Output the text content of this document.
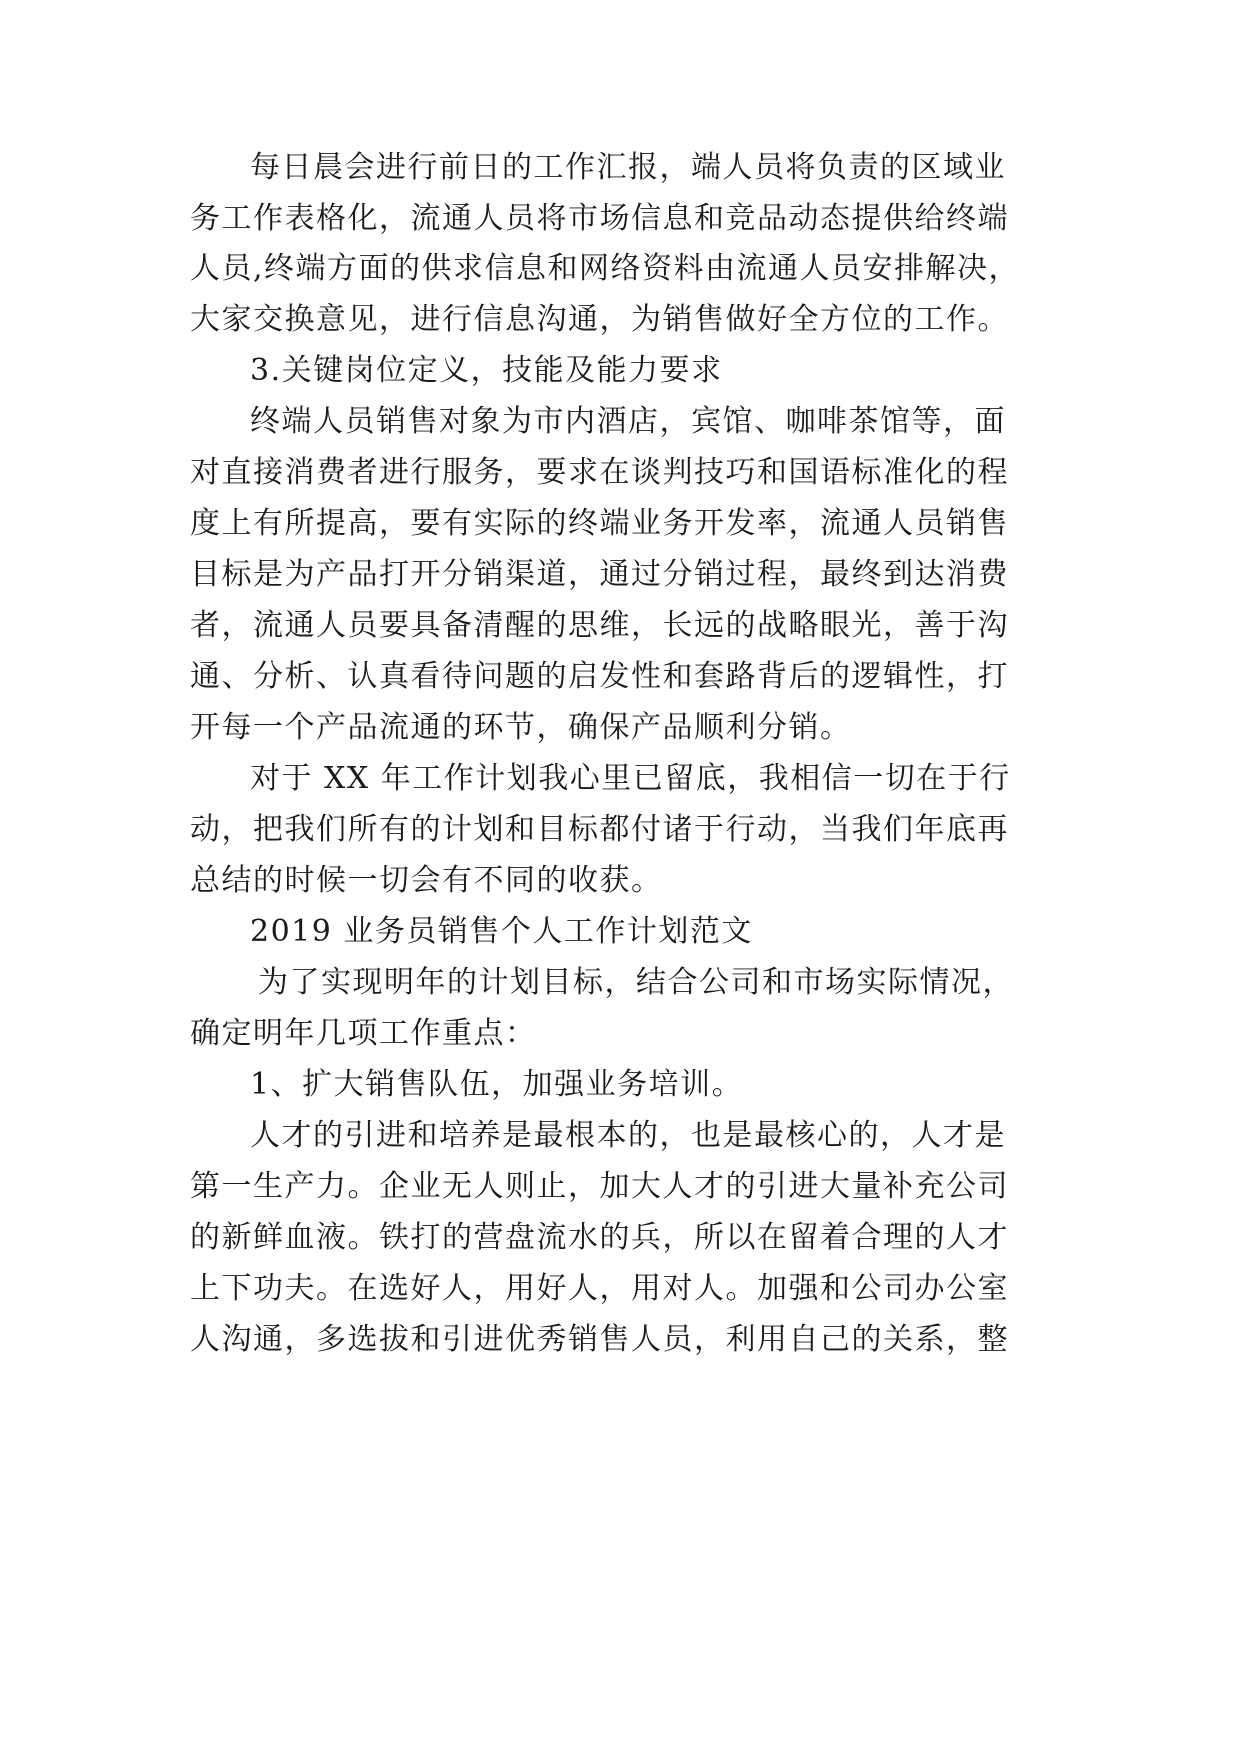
每日晨会进行前日的工作汇报，端人员将负责的区域业
务工作表格化，流通人员将市场信息和竞品动态提供给终端
人员,终端方面的供求信息和网络资料由流通人员安排解决，
大家交换意见，进行信息沟通，为销售做好全方位的工作。
3.关键岗位定义，技能及能力要求
终端人员销售对象为市内酒店，宾馆、咖啡茶馆等，面
对直接消费者进行服务，要求在谈判技巧和国语标准化的程
度上有所提高，要有实际的终端业务开发率，流通人员销售
目标是为产品打开分销渠道，通过分销过程，最终到达消费
者，流通人员要具备清醒的思维，长远的战略眼光，善于沟
通、分析、认真看待问题的启发性和套路背后的逻辑性，打
开每一个产品流通的环节，确保产品顺利分销。
对于 XX 年工作计划我心里已留底，我相信一切在于行
动，把我们所有的计划和目标都付诸于行动，当我们年底再
总结的时候一切会有不同的收获。
2019 业务员销售个人工作计划范文
为了实现明年的计划目标，结合公司和市场实际情况，
确定明年几项工作重点：
1、扩大销售队伍，加强业务培训。
人才的引进和培养是最根本的，也是最核心的，人才是
第一生产力。企业无人则止，加大人才的引进大量补充公司
的新鲜血液。铁打的营盘流水的兵，所以在留着合理的人才
上下功夫。在选好人，用好人，用对人。加强和公司办公室
人沟通，多选拔和引进优秀销售人员，利用自己的关系，整
